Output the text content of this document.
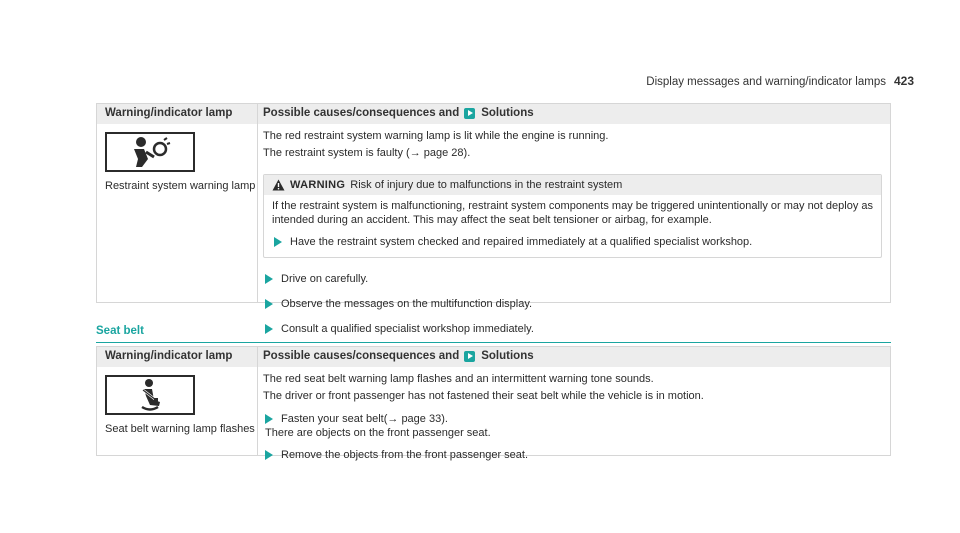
Display messages and warning/indicator lamps 423
Warning/indicator lamp	Possible causes/consequences and Solutions
Restraint system warning lamp

The red restraint system warning lamp is lit while the engine is running.

The restraint system is faulty (→ page 28).

WARNING Risk of injury due to malfunctions in the restraint system
If the restraint system is malfunctioning, restraint system components may be triggered unintentionally or may not deploy as intended during an accident. This may affect the seat belt tensioner or airbag, for example.
Have the restraint system checked and repaired immediately at a qualified specialist workshop.
Drive on carefully.
Observe the messages on the multifunction display.
Consult a qualified specialist workshop immediately.
Seat belt
Warning/indicator lamp	Possible causes/consequences and Solutions
Seat belt warning lamp flashes

The red seat belt warning lamp flashes and an intermittent warning tone sounds.

The driver or front passenger has not fastened their seat belt while the vehicle is in motion.

Fasten your seat belt(→ page 33).
There are objects on the front passenger seat.
Remove the objects from the front passenger seat.
